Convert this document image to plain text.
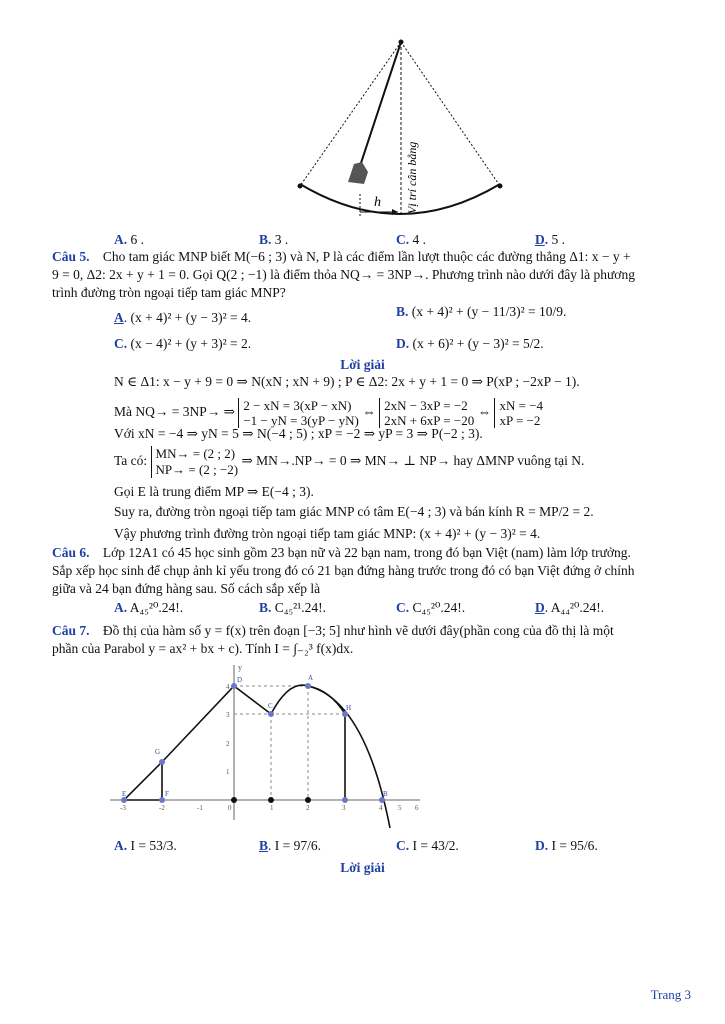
h Vị trí cân bằng
A. 6 .	B. 3 .	C. 4 .	D. 5 .
Câu 5. Cho tam giác MNP biết M(−6 ; 3) và N, P là các điểm lần lượt thuộc các đường thẳng Δ1: x − y +
9 = 0, Δ2: 2x + y + 1 = 0. Gọi Q(2 ; −1) là điểm thỏa NQ→ = 3NP→. Phương trình nào dưới đây là phương
trình đường tròn ngoại tiếp tam giác MNP?
A. (x + 4)² + (y − 3)² = 4.	B. (x + 4)² + (y − 11/3)² = 10/9.
C. (x − 4)² + (y + 3)² = 2.	D. (x + 6)² + (y − 3)² = 5/2.
Lời giải
N ∈ Δ1: x − y + 9 = 0 ⇒ N(xN ; xN + 9) ; P ∈ Δ2: 2x + y + 1 = 0 ⇒ P(xP ; −2xP − 1).
Mà NQ→ = 3NP→ ⇒ 2 − xN = 3(xP − xN)
−1 − yN = 3(yP − yN) ⇔ 2xN − 3xP = −2
2xN + 6xP = −20 ⇔ xN = −4
xP = −2
Với xN = −4 ⇒ yN = 5 ⇒ N(−4 ; 5) ; xP = −2 ⇒ yP = 3 ⇒ P(−2 ; 3).
Ta có: MN→ = (2 ; 2)
NP→ = (2 ; −2) ⇒ MN→.NP→ = 0 ⇒ MN→ ⊥ NP→ hay ΔMNP vuông tại N.
Gọi E là trung điểm MP ⇒ E(−4 ; 3).
Suy ra, đường tròn ngoại tiếp tam giác MNP có tâm E(−4 ; 3) và bán kính R = MP/2 = 2.
Vậy phương trình đường tròn ngoại tiếp tam giác MNP: (x + 4)² + (y − 3)² = 4.
Câu 6. Lớp 12A1 có 45 học sinh gồm 23 bạn nữ và 22 bạn nam, trong đó bạn Việt (nam) làm lớp trưởng.
Sắp xếp học sinh để chụp ảnh kỉ yếu trong đó có 21 bạn đứng hàng trước trong đó có bạn Việt đứng ở chính
giữa và 24 bạn đứng hàng sau. Số cách sắp xếp là
A. A₄₅²⁰.24!.	B. C₄₅²¹.24!.	C. C₄₅²⁰.24!.	D. A₄₄²⁰.24!.
Câu 7. Đồ thị của hàm số y = f(x) trên đoạn [−3; 5] như hình vẽ dưới đây(phần cong của đồ thị là một
phần của Parabol y = ax² + bx + c). Tính I = ∫₋₂³ f(x)dx.
y
4
3
2
1
-3	-2	-1	0	1	2	3	4 5 6
E	F
G
D
C
A
H
B
A. I = 53/3.	B. I = 97/6.	C. I = 43/2.	D. I = 95/6.
Lời giải
Trang 3
